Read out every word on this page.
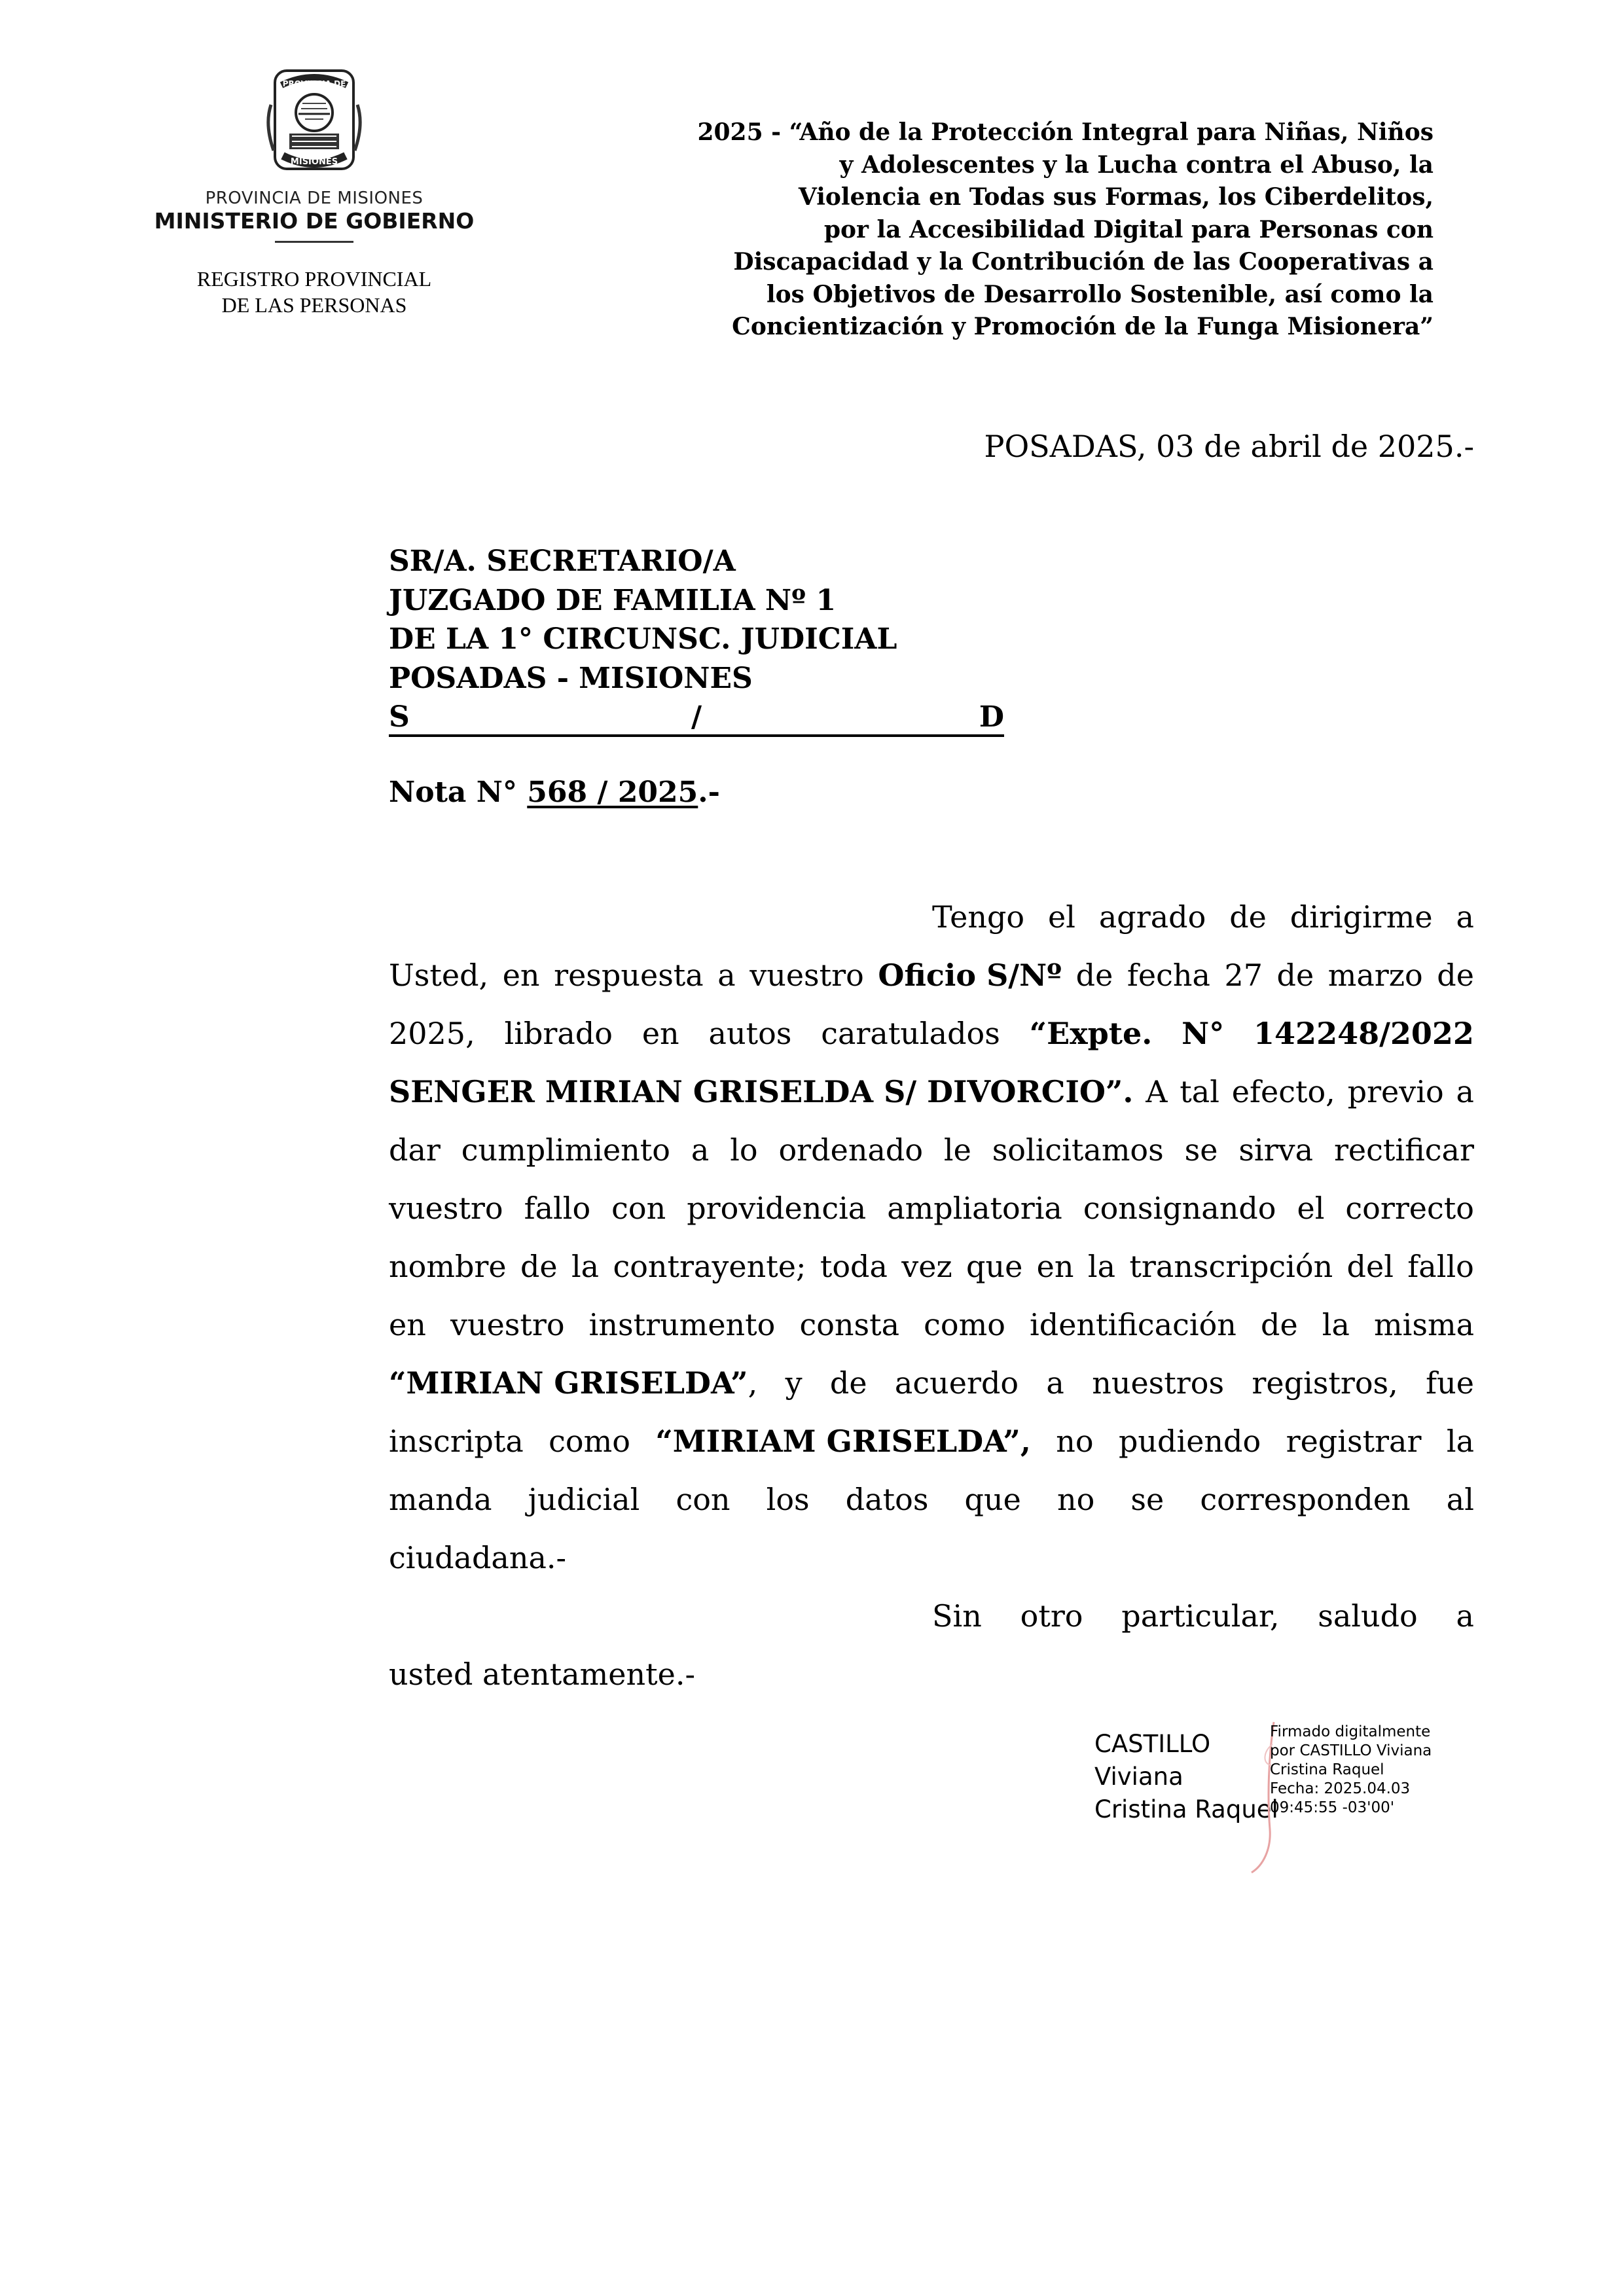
PROVINCIA DE
MISIONES
PROVINCIA DE MISIONES
MINISTERIO DE GOBIERNO
REGISTRO PROVINCIAL
DE LAS PERSONAS
2025 - “Año de la Protección Integral para Niñas, Niños
y Adolescentes y la Lucha contra el Abuso, la
Violencia en Todas sus Formas, los Ciberdelitos,
por la Accesibilidad Digital para Personas con
Discapacidad y la Contribución de las Cooperativas a
los Objetivos de Desarrollo Sostenible, así como la
Concientización y Promoción de la Funga Misionera”
POSADAS, 03 de abril de 2025.-
SR/A. SECRETARIO/A
JUZGADO DE FAMILIA Nº 1
DE LA 1° CIRCUNSC. JUDICIAL
POSADAS - MISIONES
S	/	D
Nota N° 568 / 2025.-
Tengo el agrado de dirigirme a
Usted, en respuesta a vuestro Oficio S/Nº de fecha 27 de marzo de
2025, librado en autos caratulados “Expte. N° 142248/2022
SENGER MIRIAN GRISELDA S/ DIVORCIO”. A tal efecto, previo a
dar cumplimiento a lo ordenado le solicitamos se sirva rectificar
vuestro fallo con providencia ampliatoria consignando el correcto
nombre de la contrayente; toda vez que en la transcripción del fallo
en vuestro instrumento consta como identificación de la misma
“MIRIAN GRISELDA”, y de acuerdo a nuestros registros, fue
inscripta como “MIRIAM GRISELDA”, no pudiendo registrar la
manda judicial con los datos que no se corresponden al
ciudadana.-
Sin otro particular, saludo a
usted atentamente.-
CASTILLO
Viviana
Cristina Raquel
Firmado digitalmente
por CASTILLO Viviana
Cristina Raquel
Fecha: 2025.04.03
09:45:55 -03'00'
